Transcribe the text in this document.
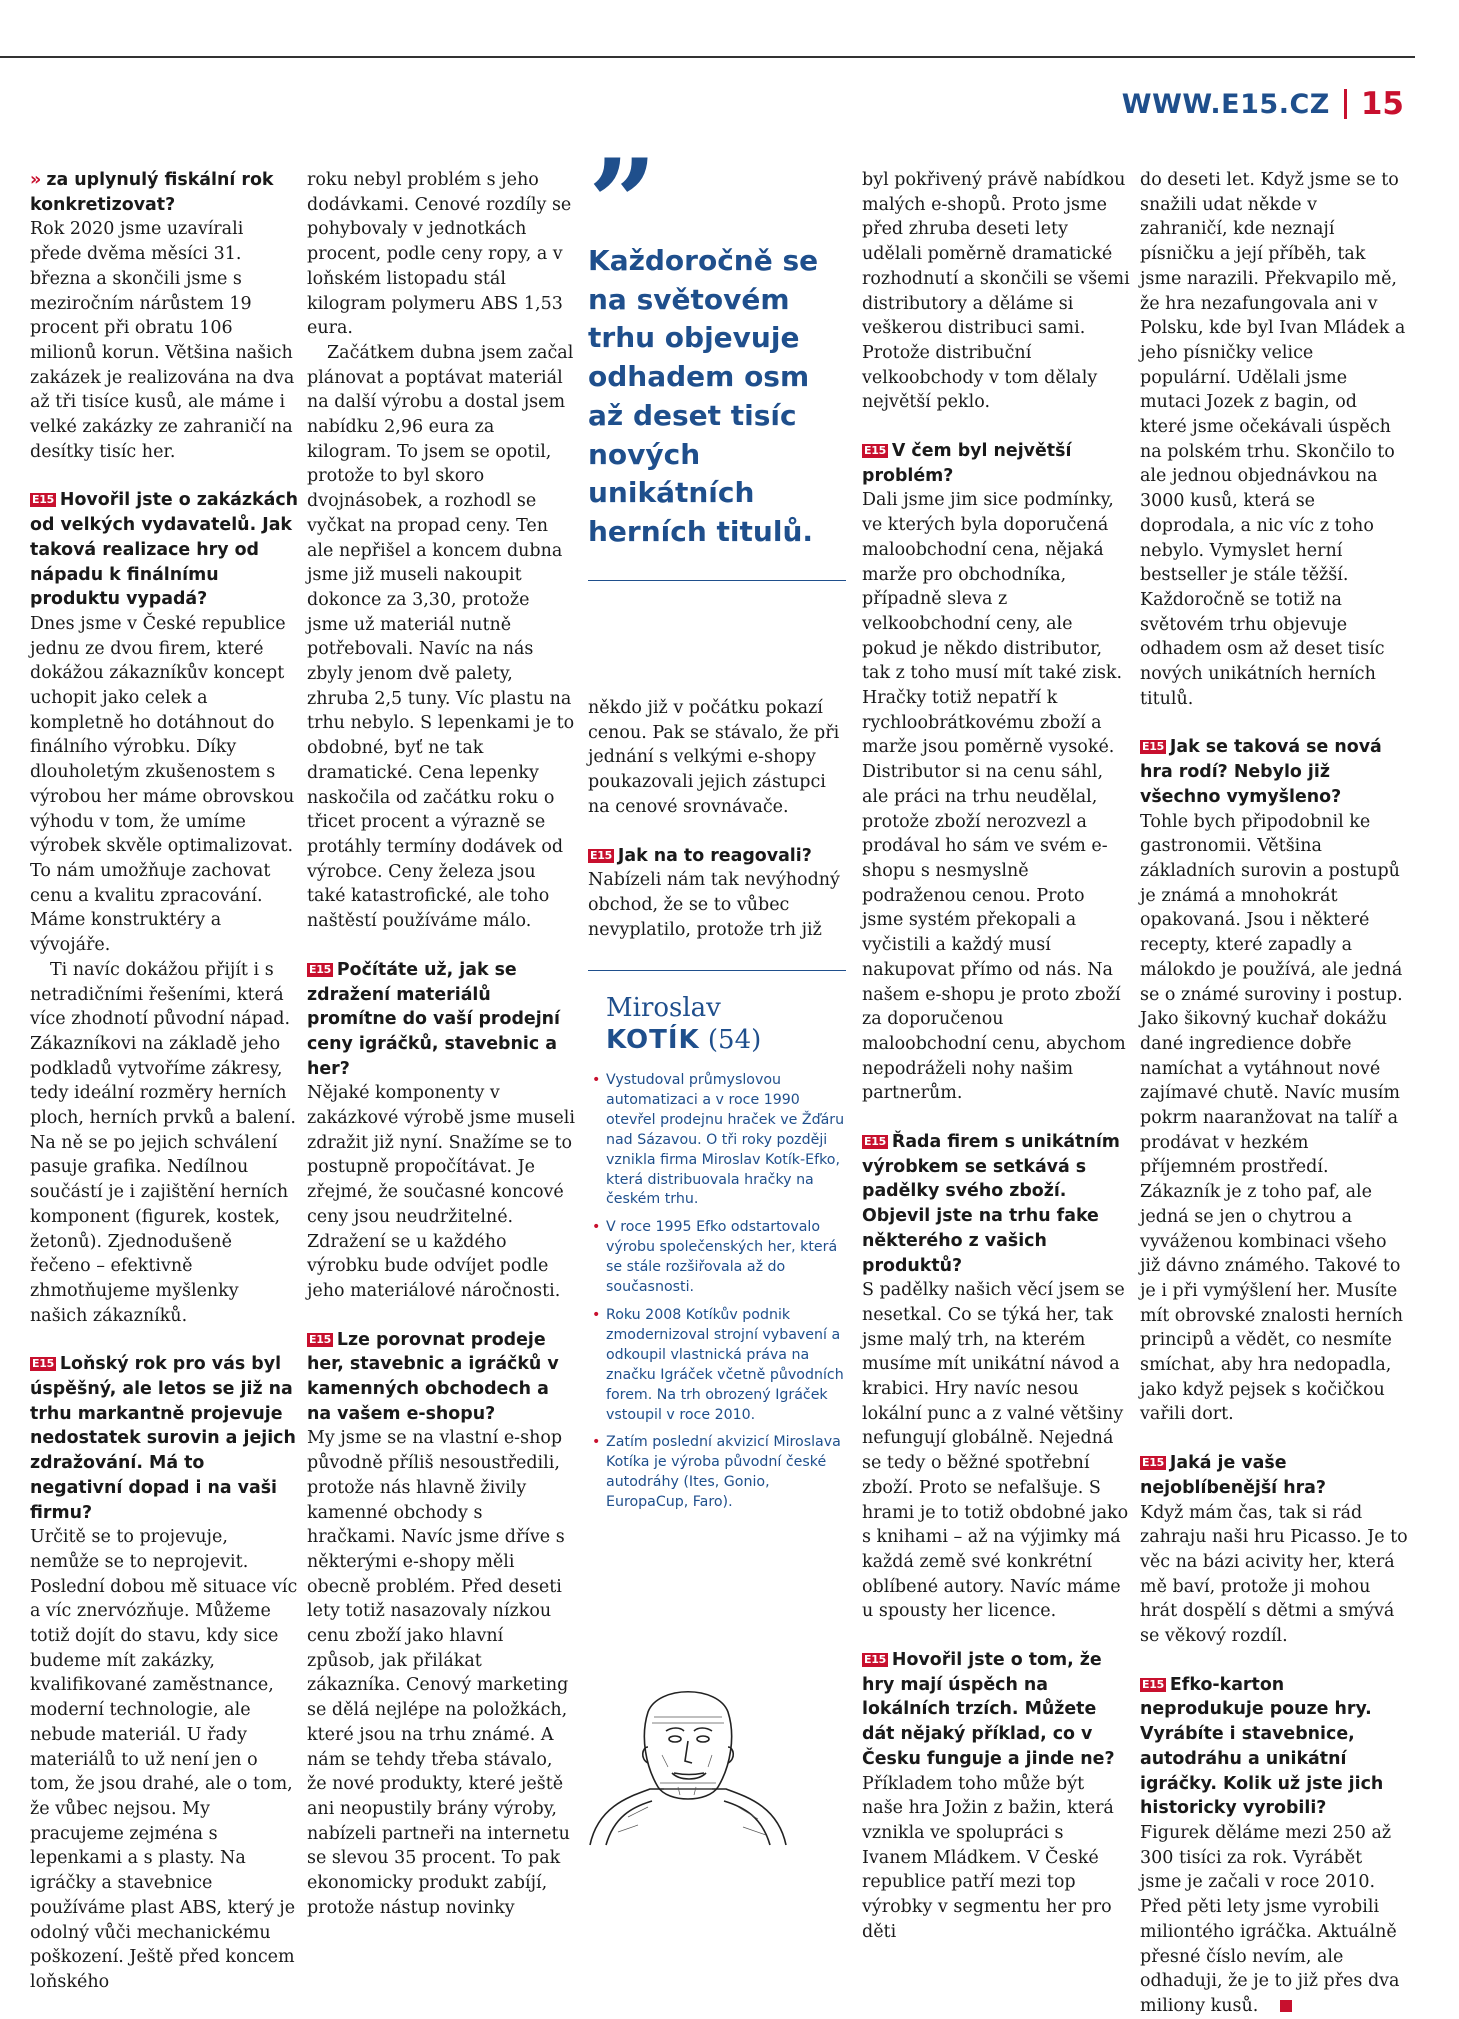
WWW.E15.CZ 15

›› za uplynulý fiskální rok konkretizovat?

Rok 2020 jsme uzavírali přede dvěma měsíci 31. března a skončili jsme s meziročním nárůstem 19 procent při obratu 106 milionů korun. Většina našich zakázek je realizována na dva až tři tisíce kusů, ale máme i velké zakázky ze zahraničí na desítky tisíc her.

E15 Hovořil jste o zakázkách od velkých vydavatelů. Jak taková realizace hry od nápadu k finálnímu produktu vypadá?

Dnes jsme v České republice jednu ze dvou firem, které dokážou zákazníkův koncept uchopit jako celek a kompletně ho dotáhnout do finálního výrobku. Díky dlouholetým zkušenostem s výrobou her máme obrovskou výhodu v tom, že umíme výrobek skvěle optimalizovat. To nám umožňuje zachovat cenu a kvalitu zpracování. Máme konstruktéry a vývojáře.

Ti navíc dokážou přijít i s netradičními řešeními, která více zhodnotí původní nápad. Zákazníkovi na základě jeho podkladů vytvoříme zákresy, tedy ideální rozměry herních ploch, herních prvků a balení. Na ně se po jejich schválení pasuje grafika. Nedílnou součástí je i zajištění herních komponent (figurek, kostek, žetonů). Zjednodušeně řečeno – efektivně zhmotňujeme myšlenky našich zákazníků.

E15 Loňský rok pro vás byl úspěšný, ale letos se již na trhu markantně projevuje nedostatek surovin a jejich zdražování. Má to negativní dopad i na vaši firmu?

Určitě se to projevuje, nemůže se to neprojevit. Poslední dobou mě situace víc a víc znervózňuje. Můžeme totiž dojít do stavu, kdy sice budeme mít zakázky, kvalifikované zaměstnance, moderní technologie, ale nebude materiál. U řady materiálů to už není jen o tom, že jsou drahé, ale o tom, že vůbec nejsou. My pracujeme zejména s lepenkami a s plasty. Na igráčky a stavebnice používáme plast ABS, který je odolný vůči mechanickému poškození. Ještě před koncem loňského

roku nebyl problém s jeho dodávkami. Cenové rozdíly se pohybovaly v jednotkách procent, podle ceny ropy, a v loňském listopadu stál kilogram polymeru ABS 1,53 eura.

Začátkem dubna jsem začal plánovat a poptávat materiál na další výrobu a dostal jsem nabídku 2,96 eura za kilogram. To jsem se opotil, protože to byl skoro dvojnásobek, a rozhodl se vyčkat na propad ceny. Ten ale nepřišel a koncem dubna jsme již museli nakoupit dokonce za 3,30, protože jsme už materiál nutně potřebovali. Navíc na nás zbyly jenom dvě palety, zhruba 2,5 tuny. Víc plastu na trhu nebylo. S lepenkami je to obdobné, byť ne tak dramatické. Cena lepenky naskočila od začátku roku o třicet procent a výrazně se protáhly termíny dodávek od výrobce. Ceny železa jsou také katastrofické, ale toho naštěstí používáme málo.

E15 Počítáte už, jak se zdražení materiálů promítne do vaší prodejní ceny igráčků, stavebnic a her?

Nějaké komponenty v zakázkové výrobě jsme museli zdražit již nyní. Snažíme se to postupně propočítávat. Je zřejmé, že současné koncové ceny jsou neudržitelné. Zdražení se u každého výrobku bude odvíjet podle jeho materiálové náročnosti.

E15 Lze porovnat prodeje her, stavebnic a igráčků v kamenných obchodech a na vašem e-shopu?

My jsme se na vlastní e-shop původně příliš nesoustředili, protože nás hlavně živily kamenné obchody s hračkami. Navíc jsme dříve s některými e-shopy měli obecně problém. Před deseti lety totiž nasazovaly nízkou cenu zboží jako hlavní způsob, jak přilákat zákazníka. Cenový marketing se dělá nejlépe na položkách, které jsou na trhu známé. A nám se tehdy třeba stávalo, že nové produkty, které ještě ani neopustily brány výroby, nabízeli partneři na internetu se slevou 35 procent. To pak ekonomicky produkt zabíjí, protože nástup novinky

”
Každoročně se na světovém trhu objevuje odhadem osm až deset tisíc nových unikátních herních titulů.

někdo již v počátku pokazí cenou. Pak se stávalo, že při jednání s velkými e-shopy poukazovali jejich zástupci na cenové srovnávače.

E15 Jak na to reagovali?

Nabízeli nám tak nevýhodný obchod, že se to vůbec nevyplatilo, protože trh již

Miroslav
KOTÍK (54)
• Vystudoval průmyslovou automatizaci a v roce 1990 otevřel prodejnu hraček ve Žďáru nad Sázavou. O tři roky později vznikla firma Miroslav Kotík-Efko, která distribuovala hračky na českém trhu.
• V roce 1995 Efko odstartovalo výrobu společenských her, která se stále rozšiřovala až do současnosti.
• Roku 2008 Kotíkův podnik zmodernizoval strojní vybavení a odkoupil vlastnická práva na značku Igráček včetně původních forem. Na trh obrozený Igráček vstoupil v roce 2010.
• Zatím poslední akvizicí Miroslava Kotíka je výroba původní české autodráhy (Ites, Gonio, EuropaCup, Faro).

byl pokřivený právě nabídkou malých e-shopů. Proto jsme před zhruba deseti lety udělali poměrně dramatické rozhodnutí a skončili se všemi distributory a děláme si veškerou distribuci sami. Protože distribuční velkoobchody v tom dělaly největší peklo.

E15 V čem byl největší problém?

Dali jsme jim sice podmínky, ve kterých byla doporučená maloobchodní cena, nějaká marže pro obchodníka, případně sleva z velkoobchodní ceny, ale pokud je někdo distributor, tak z toho musí mít také zisk. Hračky totiž nepatří k rychloobrátkovému zboží a marže jsou poměrně vysoké. Distributor si na cenu sáhl, ale práci na trhu neudělal, protože zboží nerozvezl a prodával ho sám ve svém e-shopu s nesmyslně podraženou cenou. Proto jsme systém překopali a vyčistili a každý musí nakupovat přímo od nás. Na našem e-shopu je proto zboží za doporučenou maloobchodní cenu, abychom nepodráželi nohy našim partnerům.

E15 Řada firem s unikátním výrobkem se setkává s padělky svého zboží. Objevil jste na trhu fake některého z vašich produktů?

S padělky našich věcí jsem se nesetkal. Co se týká her, tak jsme malý trh, na kterém musíme mít unikátní návod a krabici. Hry navíc nesou lokální punc a z valné většiny nefungují globálně. Nejedná se tedy o běžné spotřební zboží. Proto se nefalšuje. S hrami je to totiž obdobné jako s knihami – až na výjimky má každá země své konkrétní oblíbené autory. Navíc máme u spousty her licence.

E15 Hovořil jste o tom, že hry mají úspěch na lokálních trzích. Můžete dát nějaký příklad, co v Česku funguje a jinde ne?

Příkladem toho může být naše hra Jožin z bažin, která vznikla ve spolupráci s Ivanem Mládkem. V České republice patří mezi top výrobky v segmentu her pro děti

do deseti let. Když jsme se to snažili udat někde v zahraničí, kde neznají písničku a její příběh, tak jsme narazili. Překvapilo mě, že hra nezafungovala ani v Polsku, kde byl Ivan Mládek a jeho písničky velice populární. Udělali jsme mutaci Jozek z bagin, od které jsme očekávali úspěch na polském trhu. Skončilo to ale jednou objednávkou na 3000 kusů, která se doprodala, a nic víc z toho nebylo. Vymyslet herní bestseller je stále těžší. Každoročně se totiž na světovém trhu objevuje odhadem osm až deset tisíc nových unikátních herních titulů.

E15 Jak se taková se nová hra rodí? Nebylo již všechno vymyšleno?

Tohle bych připodobnil ke gastronomii. Většina základních surovin a postupů je známá a mnohokrát opakovaná. Jsou i některé recepty, které zapadly a málokdo je používá, ale jedná se o známé suroviny i postup. Jako šikovný kuchař dokážu dané ingredience dobře namíchat a vytáhnout nové zajímavé chutě. Navíc musím pokrm naaranžovat na talíř a prodávat v hezkém příjemném prostředí. Zákazník je z toho paf, ale jedná se jen o chytrou a vyváženou kombinaci všeho již dávno známého. Takové to je i při vymýšlení her. Musíte mít obrovské znalosti herních principů a vědět, co nesmíte smíchat, aby hra nedopadla, jako když pejsek s kočičkou vařili dort.

E15 Jaká je vaše nejoblíbenější hra?

Když mám čas, tak si rád zahraju naši hru Picasso. Je to věc na bázi acivity her, která mě baví, protože ji mohou hrát dospělí s dětmi a smývá se věkový rozdíl.

E15 Efko-karton neprodukuje pouze hry. Vyrábíte i stavebnice, autodráhu a unikátní igráčky. Kolik už jste jich historicky vyrobili?

Figurek děláme mezi 250 až 300 tisíci za rok. Vyrábět jsme je začali v roce 2010. Před pěti lety jsme vyrobili miliontého igráčka. Aktuálně přesné číslo nevím, ale odhaduji, že je to již přes dva miliony kusů.
